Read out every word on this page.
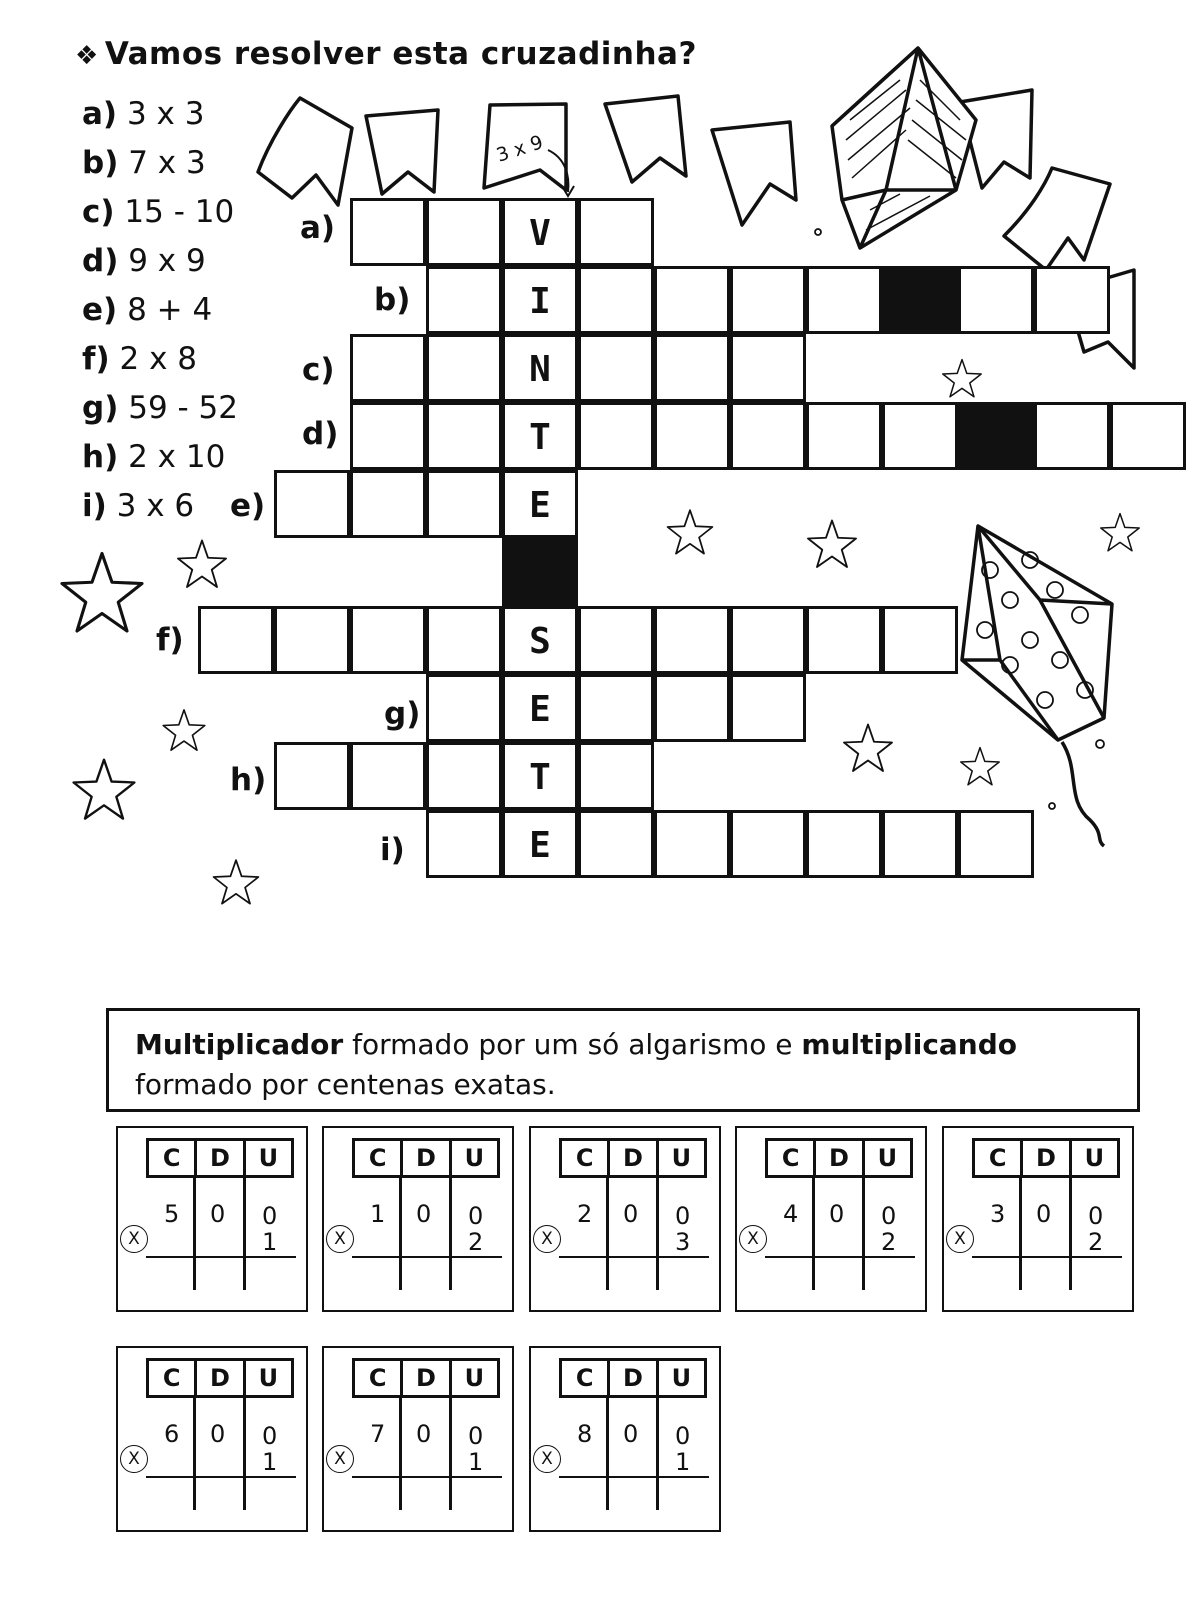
3 x 9
❖ Vamos resolver esta cruzadinha?
a) 3 x 3
b) 7 x 3
c) 15 - 10
d) 9 x 9
e) 8 + 4
f) 2 x 8
g) 59 - 52
h) 2 x 10
i) 3 x 6
a)
b)
c)
d)
e)
f)
g)
h)
i)
V
I
N
T
E
S
E
T
E
Multiplicador formado por um só algarismo e multiplicando formado por centenas exatas.
C	D	U
5 0 0
1
X
C	D	U
1 0 0
2
X
C	D	U
2 0 0
3
X
C	D	U
4 0 0
2
X
C	D	U
3 0 0
2
X
C	D	U
6 0 0
1
X
C	D	U
7 0 0
1
X
C	D	U
8 0 0
1
X
